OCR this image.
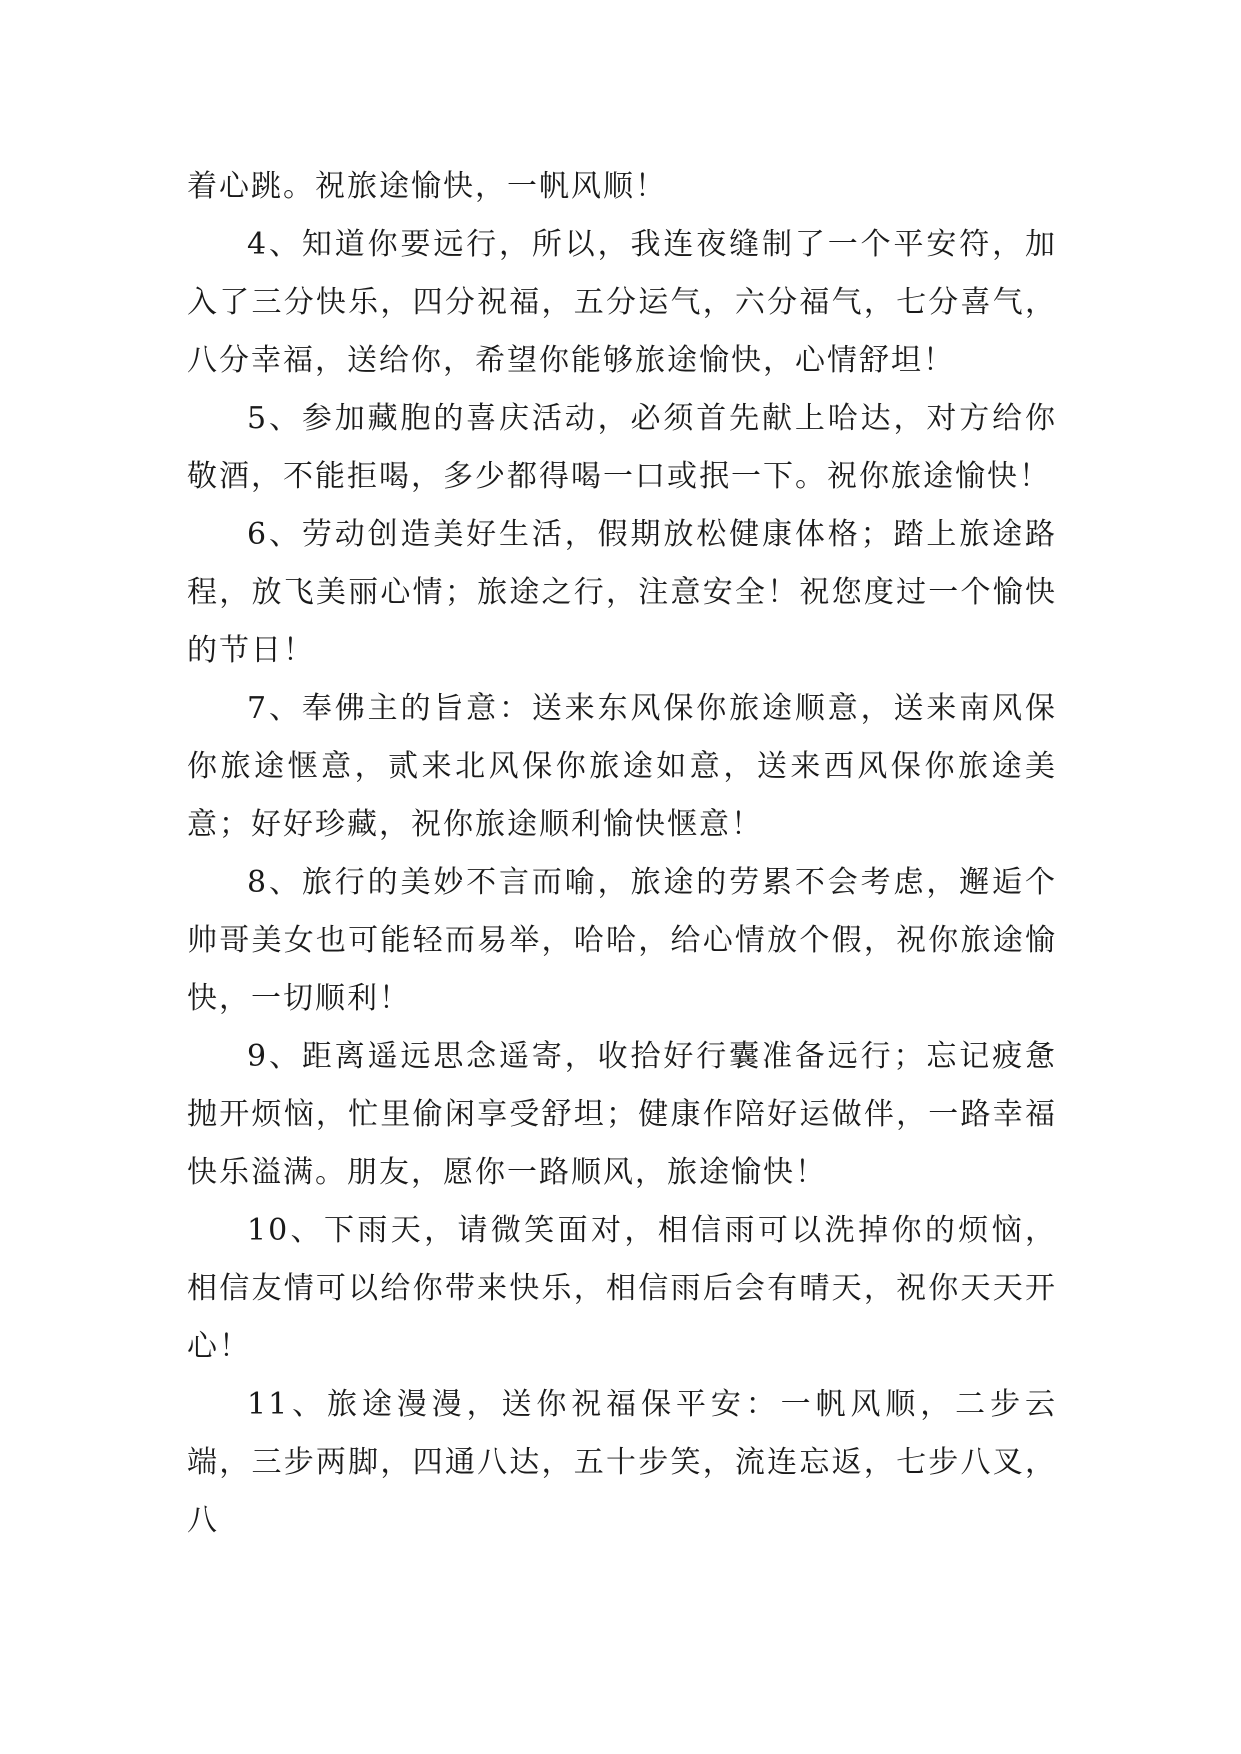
着心跳。祝旅途愉快，一帆风顺！

4、知道你要远行，所以，我连夜缝制了一个平安符，加入了三分快乐，四分祝福，五分运气，六分福气，七分喜气，八分幸福，送给你，希望你能够旅途愉快，心情舒坦！

5、参加藏胞的喜庆活动，必须首先献上哈达，对方给你敬酒，不能拒喝，多少都得喝一口或抿一下。祝你旅途愉快！

6、劳动创造美好生活，假期放松健康体格；踏上旅途路程，放飞美丽心情；旅途之行，注意安全！祝您度过一个愉快的节日！

7、奉佛主的旨意：送来东风保你旅途顺意，送来南风保你旅途惬意，贰来北风保你旅途如意，送来西风保你旅途美意；好好珍藏，祝你旅途顺利愉快惬意！

8、旅行的美妙不言而喻，旅途的劳累不会考虑，邂逅个帅哥美女也可能轻而易举，哈哈，给心情放个假，祝你旅途愉快，一切顺利！

9、距离遥远思念遥寄，收拾好行囊准备远行；忘记疲惫抛开烦恼，忙里偷闲享受舒坦；健康作陪好运做伴，一路幸福快乐溢满。朋友，愿你一路顺风，旅途愉快！

10、下雨天，请微笑面对，相信雨可以洗掉你的烦恼，相信友情可以给你带来快乐，相信雨后会有晴天，祝你天天开心！

11、旅途漫漫，送你祝福保平安：一帆风顺，二步云端，三步两脚，四通八达，五十步笑，流连忘返，七步八叉，八
